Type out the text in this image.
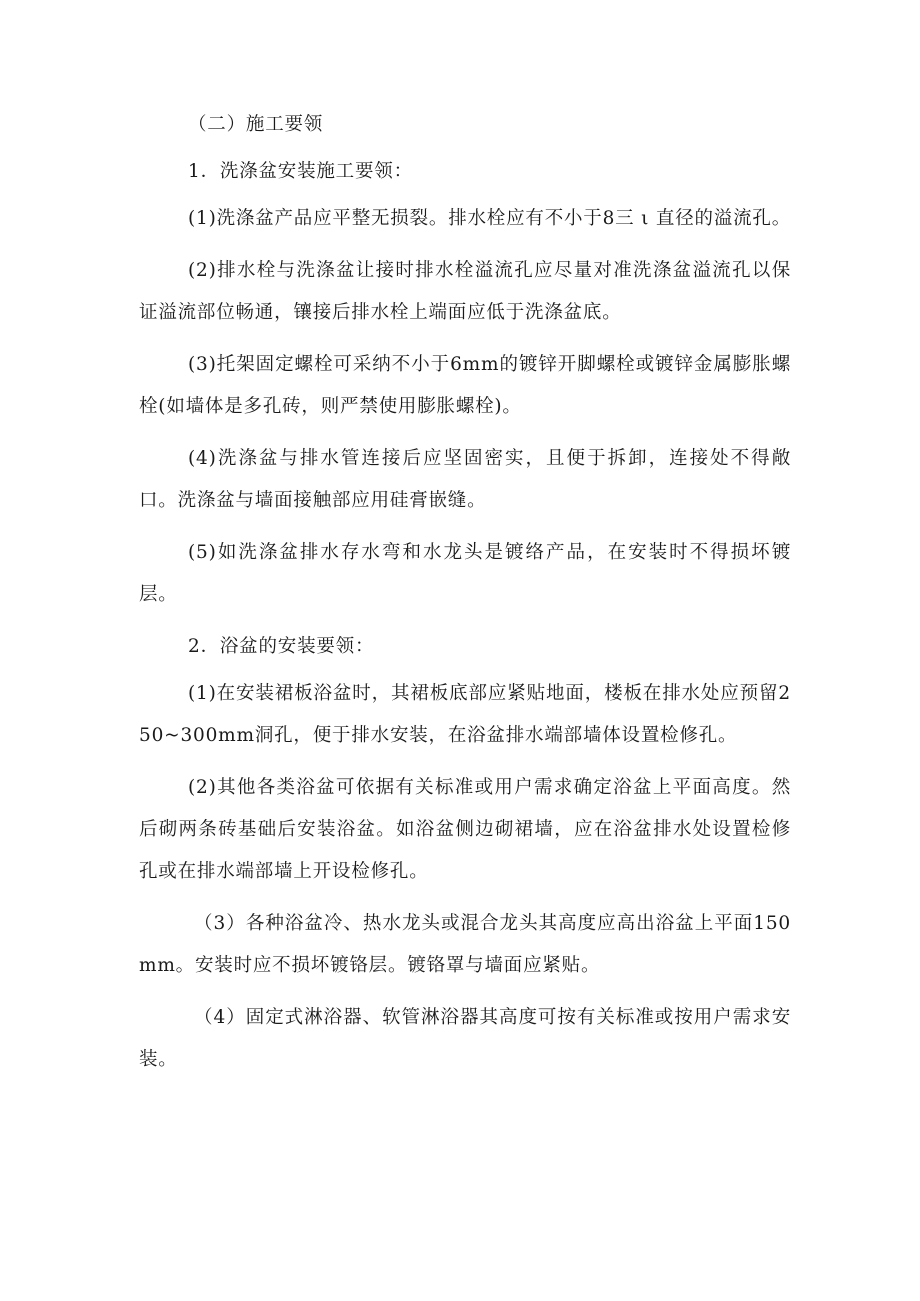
（二）施工要领

1．洗涤盆安装施工要领：

(1)洗涤盆产品应平整无损裂。排水栓应有不小于8三 ι 直径的溢流孔。

(2)排水栓与洗涤盆让接时排水栓溢流孔应尽量对准洗涤盆溢流孔以保证溢流部位畅通，镶接后排水栓上端面应低于洗涤盆底。

(3)托架固定螺栓可采纳不小于6mm的镀锌开脚螺栓或镀锌金属膨胀螺栓(如墙体是多孔砖，则严禁使用膨胀螺栓)。

(4)洗涤盆与排水管连接后应坚固密实，且便于拆卸，连接处不得敞口。洗涤盆与墙面接触部应用硅膏嵌缝。

(5)如洗涤盆排水存水弯和水龙头是镀络产品，在安装时不得损坏镀层。

2．浴盆的安装要领：

(1)在安装裙板浴盆时，其裙板底部应紧贴地面，楼板在排水处应预留250~300mm洞孔，便于排水安装，在浴盆排水端部墙体设置检修孔。

(2)其他各类浴盆可依据有关标准或用户需求确定浴盆上平面高度。然后砌两条砖基础后安装浴盆。如浴盆侧边砌裙墙，应在浴盆排水处设置检修孔或在排水端部墙上开设检修孔。

（3）各种浴盆冷、热水龙头或混合龙头其高度应高出浴盆上平面150mm。安装时应不损坏镀铬层。镀铬罩与墙面应紧贴。

（4）固定式淋浴器、软管淋浴器其高度可按有关标准或按用户需求安装。
